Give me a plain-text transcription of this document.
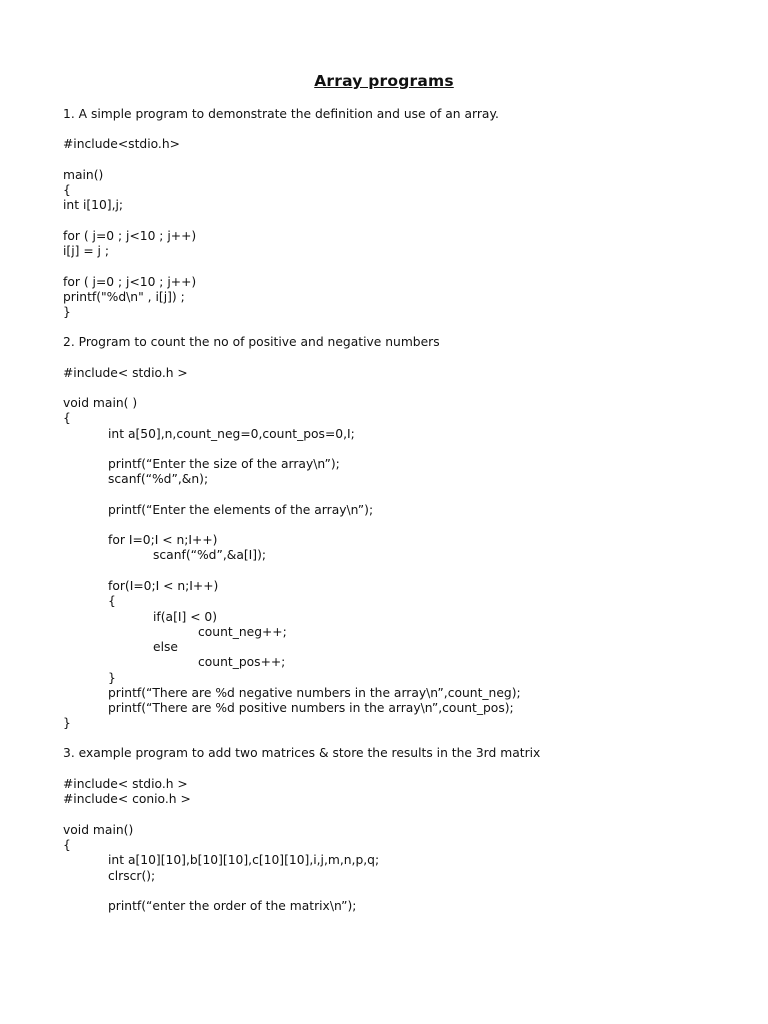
Array programs
1. A simple program to demonstrate the definition and use of an array.
#include<stdio.h>
main()
{
int i[10],j;
for ( j=0 ; j<10 ; j++)
i[j] = j ;
for ( j=0 ; j<10 ; j++)
printf("%d\n" , i[j]) ;
}
2. Program to count the no of positive and negative numbers
#include< stdio.h >
void main( )
{
int a[50],n,count_neg=0,count_pos=0,I;
printf(“Enter the size of the array\n”);
scanf(“%d”,&n);
printf(“Enter the elements of the array\n”);
for I=0;I < n;I++)
scanf(“%d”,&a[I]);
for(I=0;I < n;I++)
{
if(a[I] < 0)
count_neg++;
else
count_pos++;
}
printf(“There are %d negative numbers in the array\n”,count_neg);
printf(“There are %d positive numbers in the array\n”,count_pos);
}
3. example program to add two matrices & store the results in the 3rd matrix
#include< stdio.h >
#include< conio.h >
void main()
{
int a[10][10],b[10][10],c[10][10],i,j,m,n,p,q;
clrscr();
printf(“enter the order of the matrix\n”);
